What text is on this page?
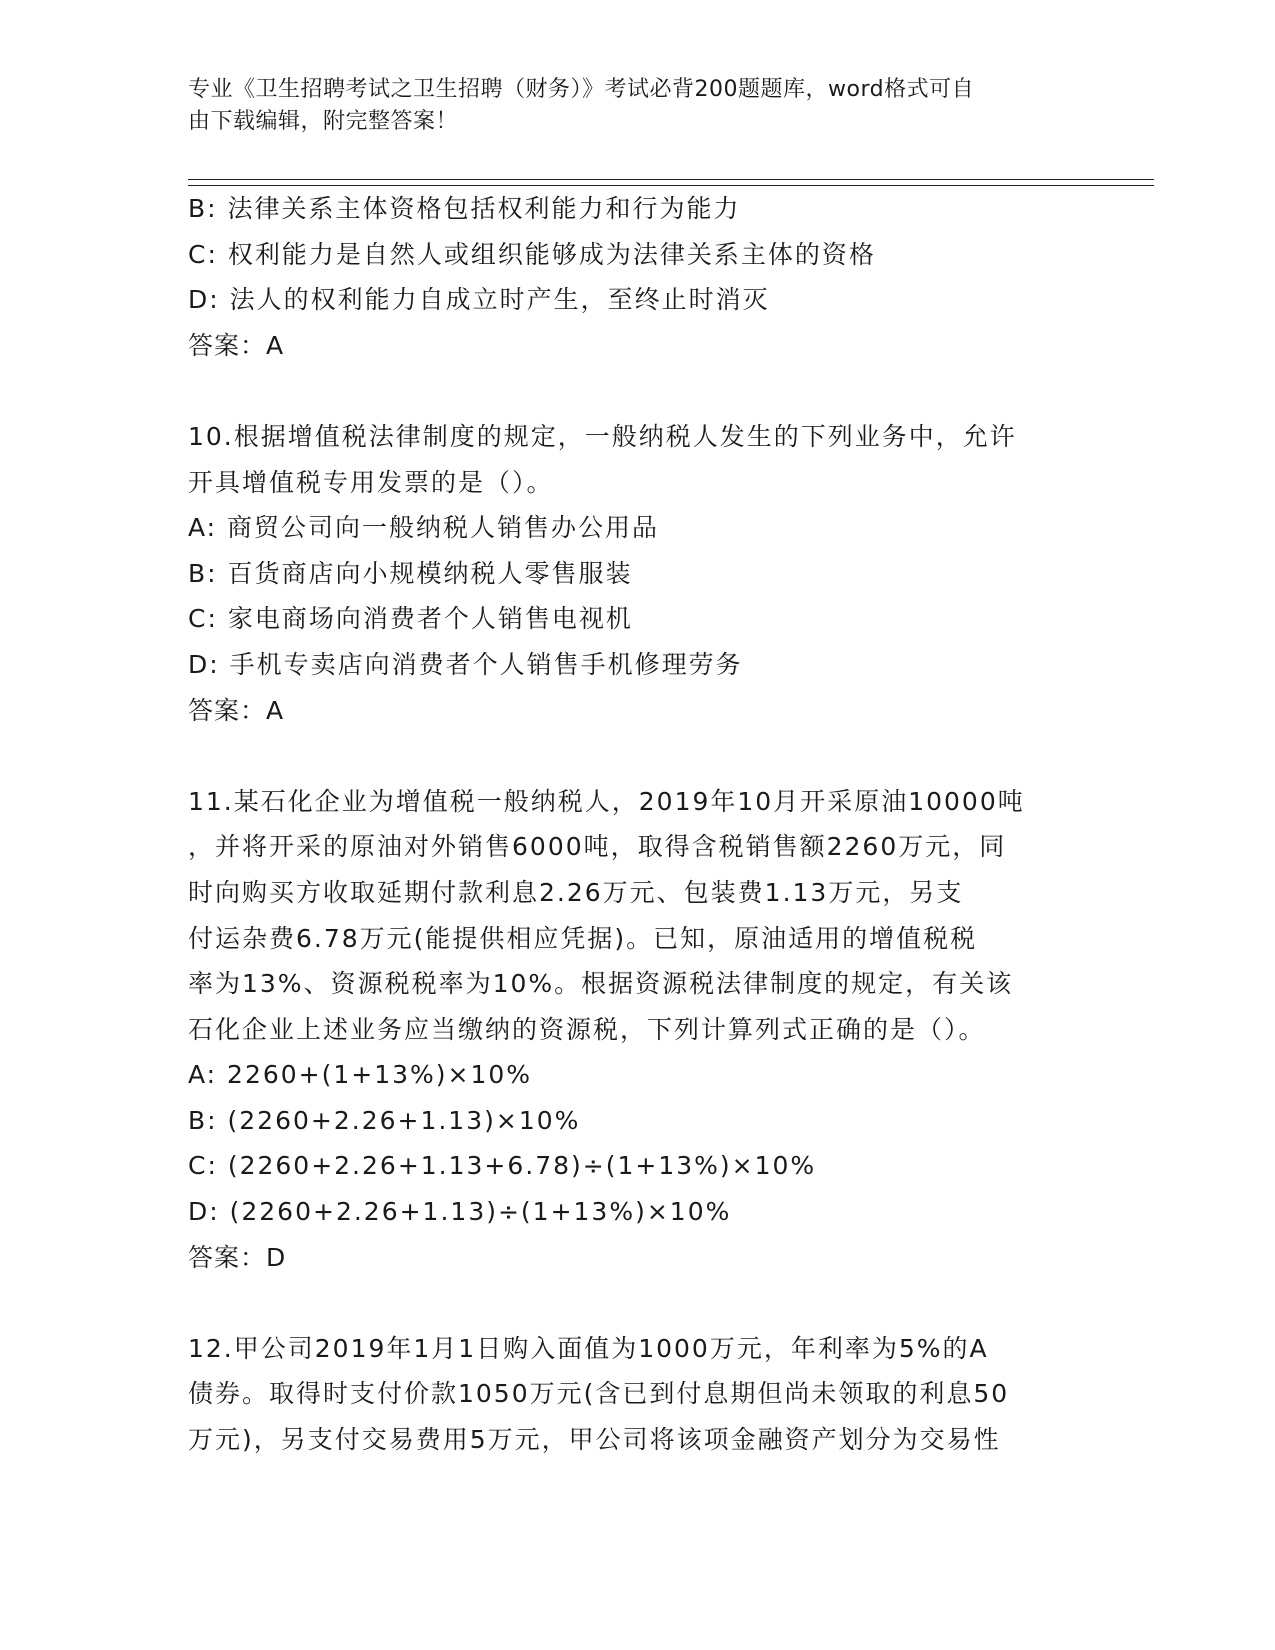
专业《卫生招聘考试之卫生招聘（财务）》考试必背200题题库，word格式可自
由下载编辑，附完整答案！
B: 法律关系主体资格包括权利能力和行为能力
C: 权利能力是自然人或组织能够成为法律关系主体的资格
D: 法人的权利能力自成立时产生，至终止时消灭
答案：A
10.根据增值税法律制度的规定，一般纳税人发生的下列业务中，允许
开具增值税专用发票的是（）。
A: 商贸公司向一般纳税人销售办公用品
B: 百货商店向小规模纳税人零售服装
C: 家电商场向消费者个人销售电视机
D: 手机专卖店向消费者个人销售手机修理劳务
答案：A
11.某石化企业为增值税一般纳税人，2019年10月开采原油10000吨
，并将开采的原油对外销售6000吨，取得含税销售额2260万元，同
时向购买方收取延期付款利息2.26万元、包装费1.13万元，另支
付运杂费6.78万元(能提供相应凭据)。已知，原油适用的增值税税
率为13%、资源税税率为10%。根据资源税法律制度的规定，有关该
石化企业上述业务应当缴纳的资源税，下列计算列式正确的是（）。
A: 2260+(1+13%)×10%
B: (2260+2.26+1.13)×10%
C: (2260+2.26+1.13+6.78)÷(1+13%)×10%
D: (2260+2.26+1.13)÷(1+13%)×10%
答案：D
12.甲公司2019年1月1日购入面值为1000万元，年利率为5%的A
债券。取得时支付价款1050万元(含已到付息期但尚未领取的利息50
万元)，另支付交易费用5万元，甲公司将该项金融资产划分为交易性
